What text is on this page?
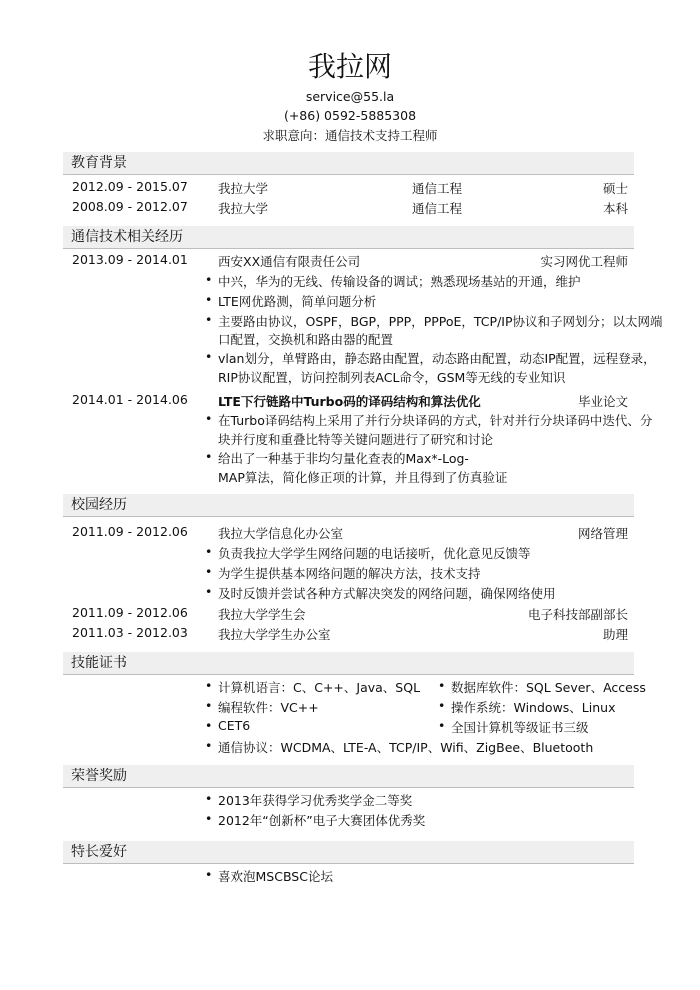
我拉网
service@55.la
(+86) 0592-5885308
求职意向：通信技术支持工程师
教育背景
2012.09 - 2015.07 我拉大学	通信工程	硕士
2008.09 - 2012.07 我拉大学	通信工程	本科
通信技术相关经历
2013.09 - 2014.01 西安XX通信有限责任公司	实习网优工程师
• 中兴，华为的无线、传输设备的调试；熟悉现场基站的开通，维护
• LTE网优路测，简单问题分析
• 主要路由协议，OSPF，BGP，PPP，PPPoE，TCP/IP协议和子网划分；以太网端
口配置，交换机和路由器的配置
• vlan划分，单臂路由，静态路由配置，动态路由配置，动态IP配置，远程登录，
RIP协议配置，访问控制列表ACL命令，GSM等无线的专业知识
2014.01 - 2014.06 LTE下行链路中Turbo码的译码结构和算法优化	毕业论文
• 在Turbo译码结构上采用了并行分块译码的方式，针对并行分块译码中迭代、分
块并行度和重叠比特等关键问题进行了研究和讨论
• 给出了一种基于非均匀量化查表的Max*-Log-
MAP算法，简化修正项的计算，并且得到了仿真验证
校园经历
2011.09 - 2012.06 我拉大学信息化办公室	网络管理
• 负责我拉大学学生网络问题的电话接听，优化意见反馈等
• 为学生提供基本网络问题的解决方法，技术支持
• 及时反馈并尝试各种方式解决突发的网络问题，确保网络使用
2011.09 - 2012.06 我拉大学学生会	电子科技部副部长
2011.03 - 2012.03 我拉大学学生办公室	助理
技能证书
• 计算机语言：C、C++、Java、SQL
• 编程软件：VC++
• CET6
• 通信协议：WCDMA、LTE-A、TCP/IP、Wifi、ZigBee、Bluetooth
• 数据库软件：SQL Sever、Access
• 操作系统：Windows、Linux
• 全国计算机等级证书三级
荣誉奖励
• 2013年获得学习优秀奖学金二等奖
• 2012年“创新杯”电子大赛团体优秀奖
特长爱好
• 喜欢泡MSCBSC论坛
